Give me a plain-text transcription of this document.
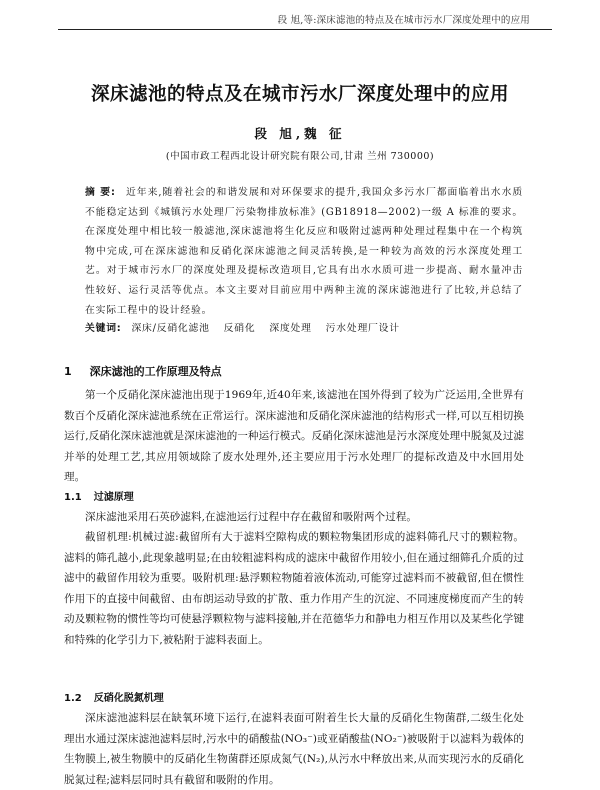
段 旭,等:深床滤池的特点及在城市污水厂深度处理中的应用
深床滤池的特点及在城市污水厂深度处理中的应用
段 旭,魏 征
(中国市政工程西北设计研究院有限公司,甘肃 兰州 730000)
摘 要: 近年来,随着社会的和谐发展和对环保要求的提升,我国众多污水厂都面临着出水水质不能稳定达到《城镇污水处理厂污染物排放标准》(GB18918—2002)一级 A 标准的要求。在深度处理中相比较一般滤池,深床滤池将生化反应和吸附过滤两种处理过程集中在一个构筑物中完成,可在深床滤池和反硝化深床滤池之间灵活转换,是一种较为高效的污水深度处理工艺。对于城市污水厂的深度处理及提标改造项目,它具有出水水质可进一步提高、耐水量冲击性较好、运行灵活等优点。本文主要对目前应用中两种主流的深床滤池进行了比较,并总结了在实际工程中的设计经验。
关键词: 深床/反硝化滤池 反硝化 深度处理 污水处理厂设计
1 深床滤池的工作原理及特点
第一个反硝化深床滤池出现于1969年,近40年来,该滤池在国外得到了较为广泛运用,全世界有数百个反硝化深床滤池系统在正常运行。深床滤池和反硝化深床滤池的结构形式一样,可以互相切换运行,反硝化深床滤池就是深床滤池的一种运行模式。反硝化深床滤池是污水深度处理中脱氮及过滤并举的处理工艺,其应用领域除了废水处理外,还主要应用于污水处理厂的提标改造及中水回用处理。
1.1 过滤原理
深床滤池采用石英砂滤料,在滤池运行过程中存在截留和吸附两个过程。
截留机理:机械过滤:截留所有大于滤料空隙构成的颗粒物集团形成的滤料筛孔尺寸的颗粒物。滤料的筛孔越小,此现象越明显;在由较粗滤料构成的滤床中截留作用较小,但在通过细筛孔介质的过滤中的截留作用较为重要。吸附机理:悬浮颗粒物随着液体流动,可能穿过滤料而不被截留,但在惯性作用下的直接中间截留、由布朗运动导致的扩散、重力作用产生的沉淀、不同速度梯度而产生的转动及颗粒物的惯性等均可使悬浮颗粒物与滤料接触,并在范德华力和静电力相互作用以及某些化学键和特殊的化学引力下,被粘附于滤料表面上。
1.2 反硝化脱氮机理
深床滤池滤料层在缺氧环境下运行,在滤料表面可附着生长大量的反硝化生物菌群,二级生化处理出水通过深床滤池滤料层时,污水中的硝酸盐(NO₃⁻)或亚硝酸盐(NO₂⁻)被吸附于以滤料为载体的生物膜上,被生物膜中的反硝化生物菌群还原成氮气(N₂),从污水中释放出来,从而实现污水的反硝化脱氮过程;滤料层同时具有截留和吸附的作用。
